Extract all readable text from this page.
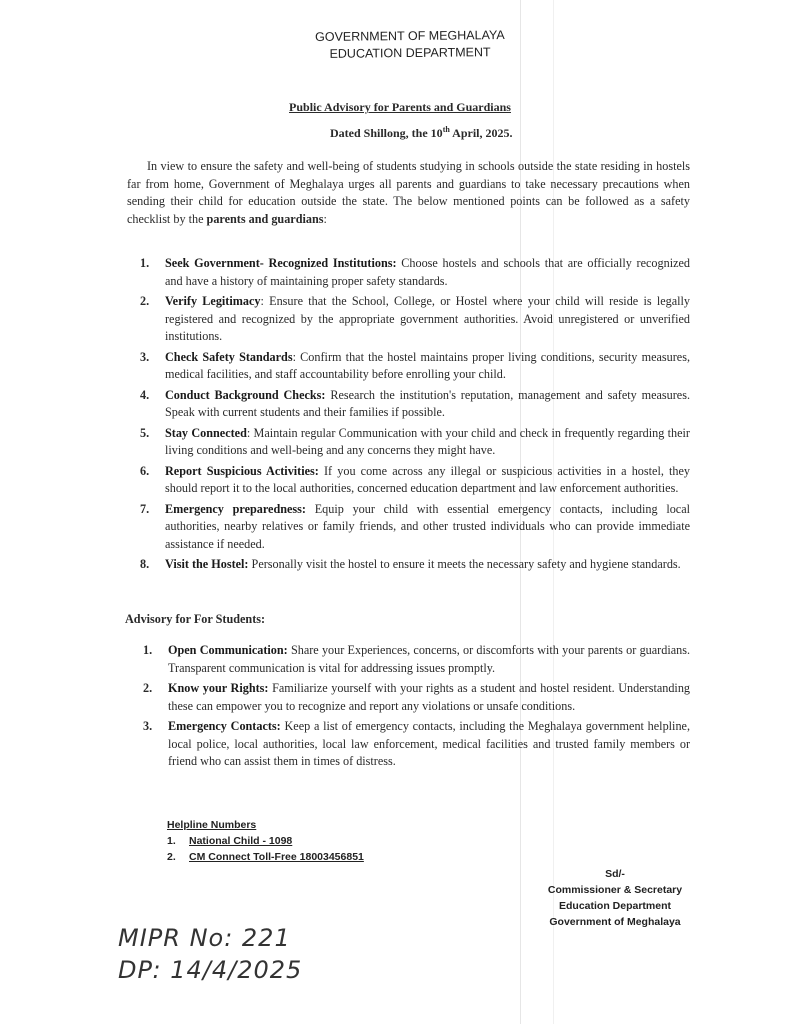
GOVERNMENT OF MEGHALAYA
EDUCATION DEPARTMENT
Public Advisory for Parents and Guardians
Dated Shillong, the 10th April, 2025.
In view to ensure the safety and well-being of students studying in schools outside the state residing in hostels far from home, Government of Meghalaya urges all parents and guardians to take necessary precautions when sending their child for education outside the state. The below mentioned points can be followed as a safety checklist by the parents and guardians:
1. Seek Government- Recognized Institutions: Choose hostels and schools that are officially recognized and have a history of maintaining proper safety standards.
2. Verify Legitimacy: Ensure that the School, College, or Hostel where your child will reside is legally registered and recognized by the appropriate government authorities. Avoid unregistered or unverified institutions.
3. Check Safety Standards: Confirm that the hostel maintains proper living conditions, security measures, medical facilities, and staff accountability before enrolling your child.
4. Conduct Background Checks: Research the institution's reputation, management and safety measures. Speak with current students and their families if possible.
5. Stay Connected: Maintain regular Communication with your child and check in frequently regarding their living conditions and well-being and any concerns they might have.
6. Report Suspicious Activities: If you come across any illegal or suspicious activities in a hostel, they should report it to the local authorities, concerned education department and law enforcement authorities.
7. Emergency preparedness: Equip your child with essential emergency contacts, including local authorities, nearby relatives or family friends, and other trusted individuals who can provide immediate assistance if needed.
8. Visit the Hostel: Personally visit the hostel to ensure it meets the necessary safety and hygiene standards.
Advisory for For Students:
1. Open Communication: Share your Experiences, concerns, or discomforts with your parents or guardians. Transparent communication is vital for addressing issues promptly.
2. Know your Rights: Familiarize yourself with your rights as a student and hostel resident. Understanding these can empower you to recognize and report any violations or unsafe conditions.
3. Emergency Contacts: Keep a list of emergency contacts, including the Meghalaya government helpline, local police, local authorities, local law enforcement, medical facilities and trusted family members or friend who can assist them in times of distress.
Helpline Numbers
1. National Child - 1098
2. CM Connect Toll-Free 18003456851
Sd/-
Commissioner & Secretary
Education Department
Government of Meghalaya
MIPR No: 221
DP: 14/4/2025
